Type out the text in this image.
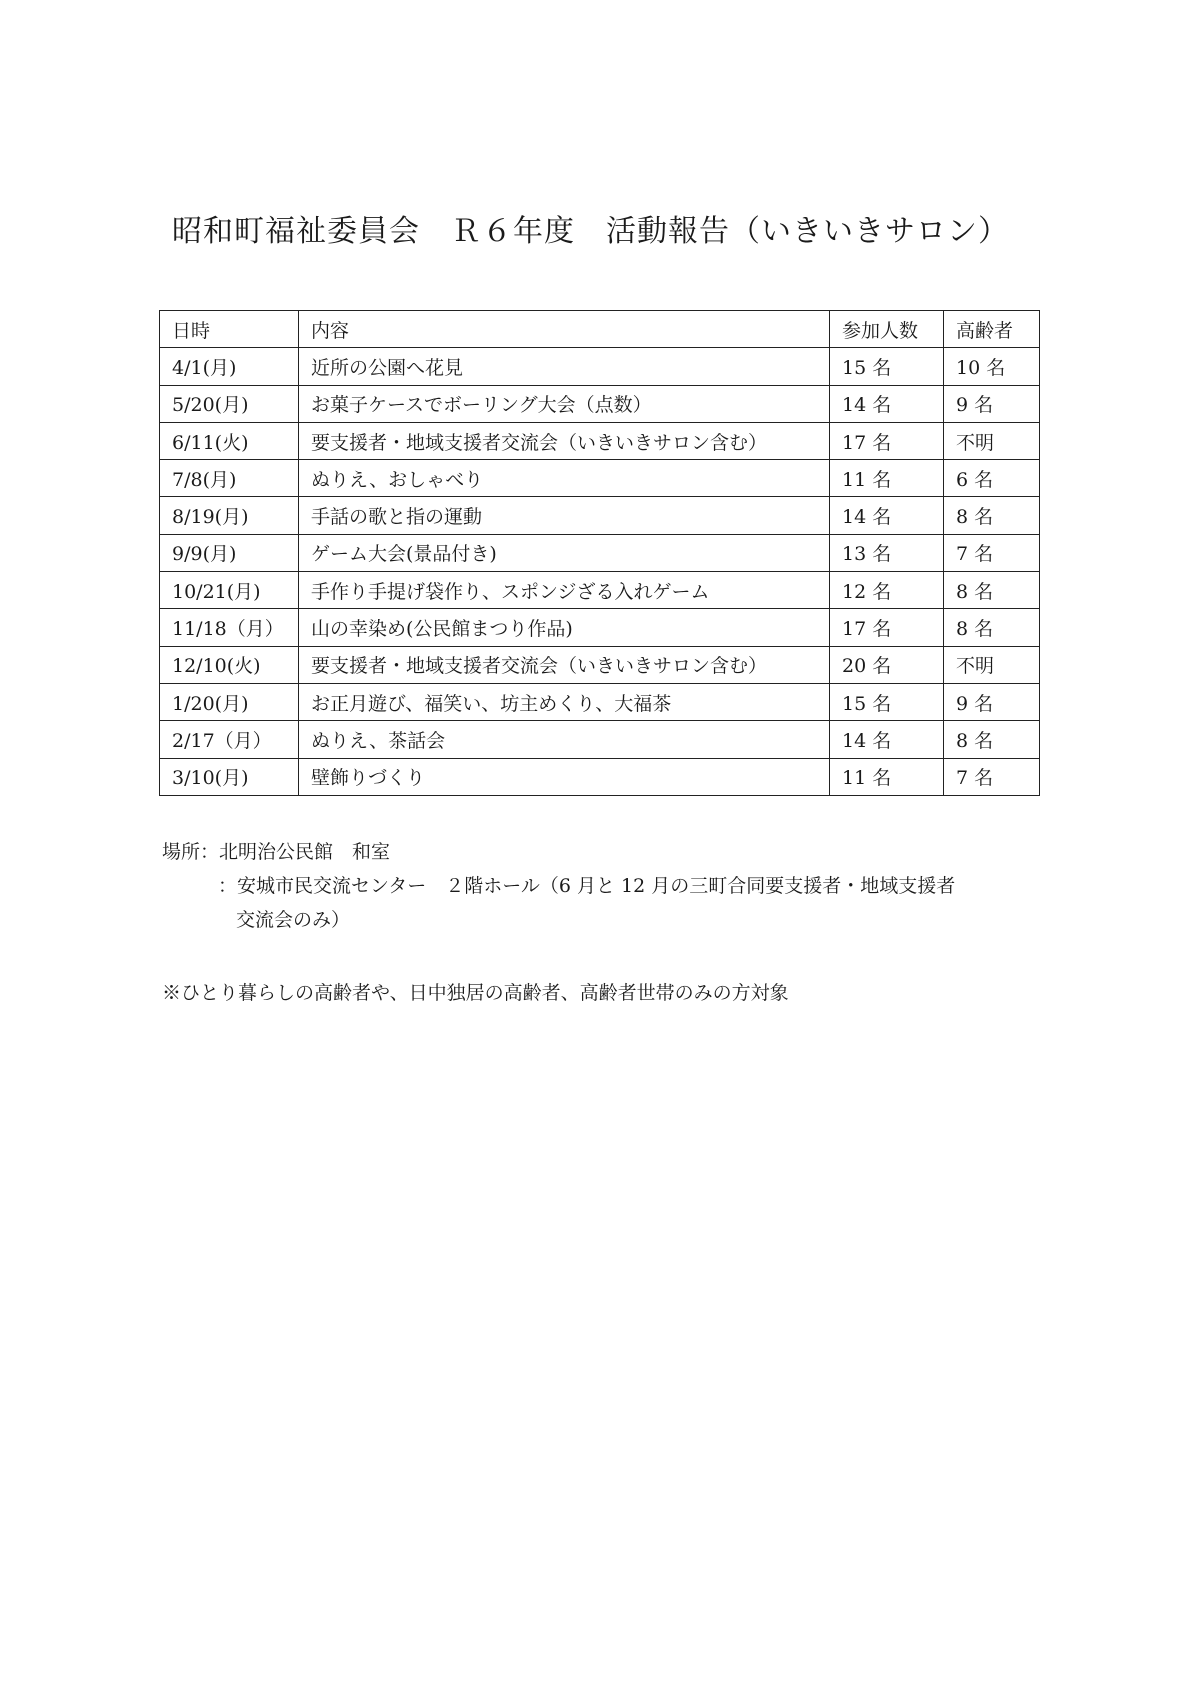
昭和町福祉委員会　Ｒ６年度　活動報告（いきいきサロン）
日時	内容	参加人数	高齢者
4/1(月)	近所の公園へ花見	15 名	10 名
5/20(月)	お菓子ケースでボーリング大会（点数）	14 名	9 名
6/11(火)	要支援者・地域支援者交流会（いきいきサロン含む）	17 名	不明
7/8(月)	ぬりえ、おしゃべり	11 名	6 名
8/19(月)	手話の歌と指の運動	14 名	8 名
9/9(月)	ゲーム大会(景品付き)	13 名	7 名
10/21(月)	手作り手提げ袋作り、スポンジざる入れゲーム	12 名	8 名
11/18（月）	山の幸染め(公民館まつり作品)	17 名	8 名
12/10(火)	要支援者・地域支援者交流会（いきいきサロン含む）	20 名	不明
1/20(月)	お正月遊び、福笑い、坊主めくり、大福茶	15 名	9 名
2/17（月）	ぬりえ、茶話会	14 名	8 名
3/10(月)	壁飾りづくり	11 名	7 名
場所：北明治公民館　和室
：安城市民交流センター　２階ホール（6 月と 12 月の三町合同要支援者・地域支援者
交流会のみ）
※ひとり暮らしの高齢者や、日中独居の高齢者、高齢者世帯のみの方対象
